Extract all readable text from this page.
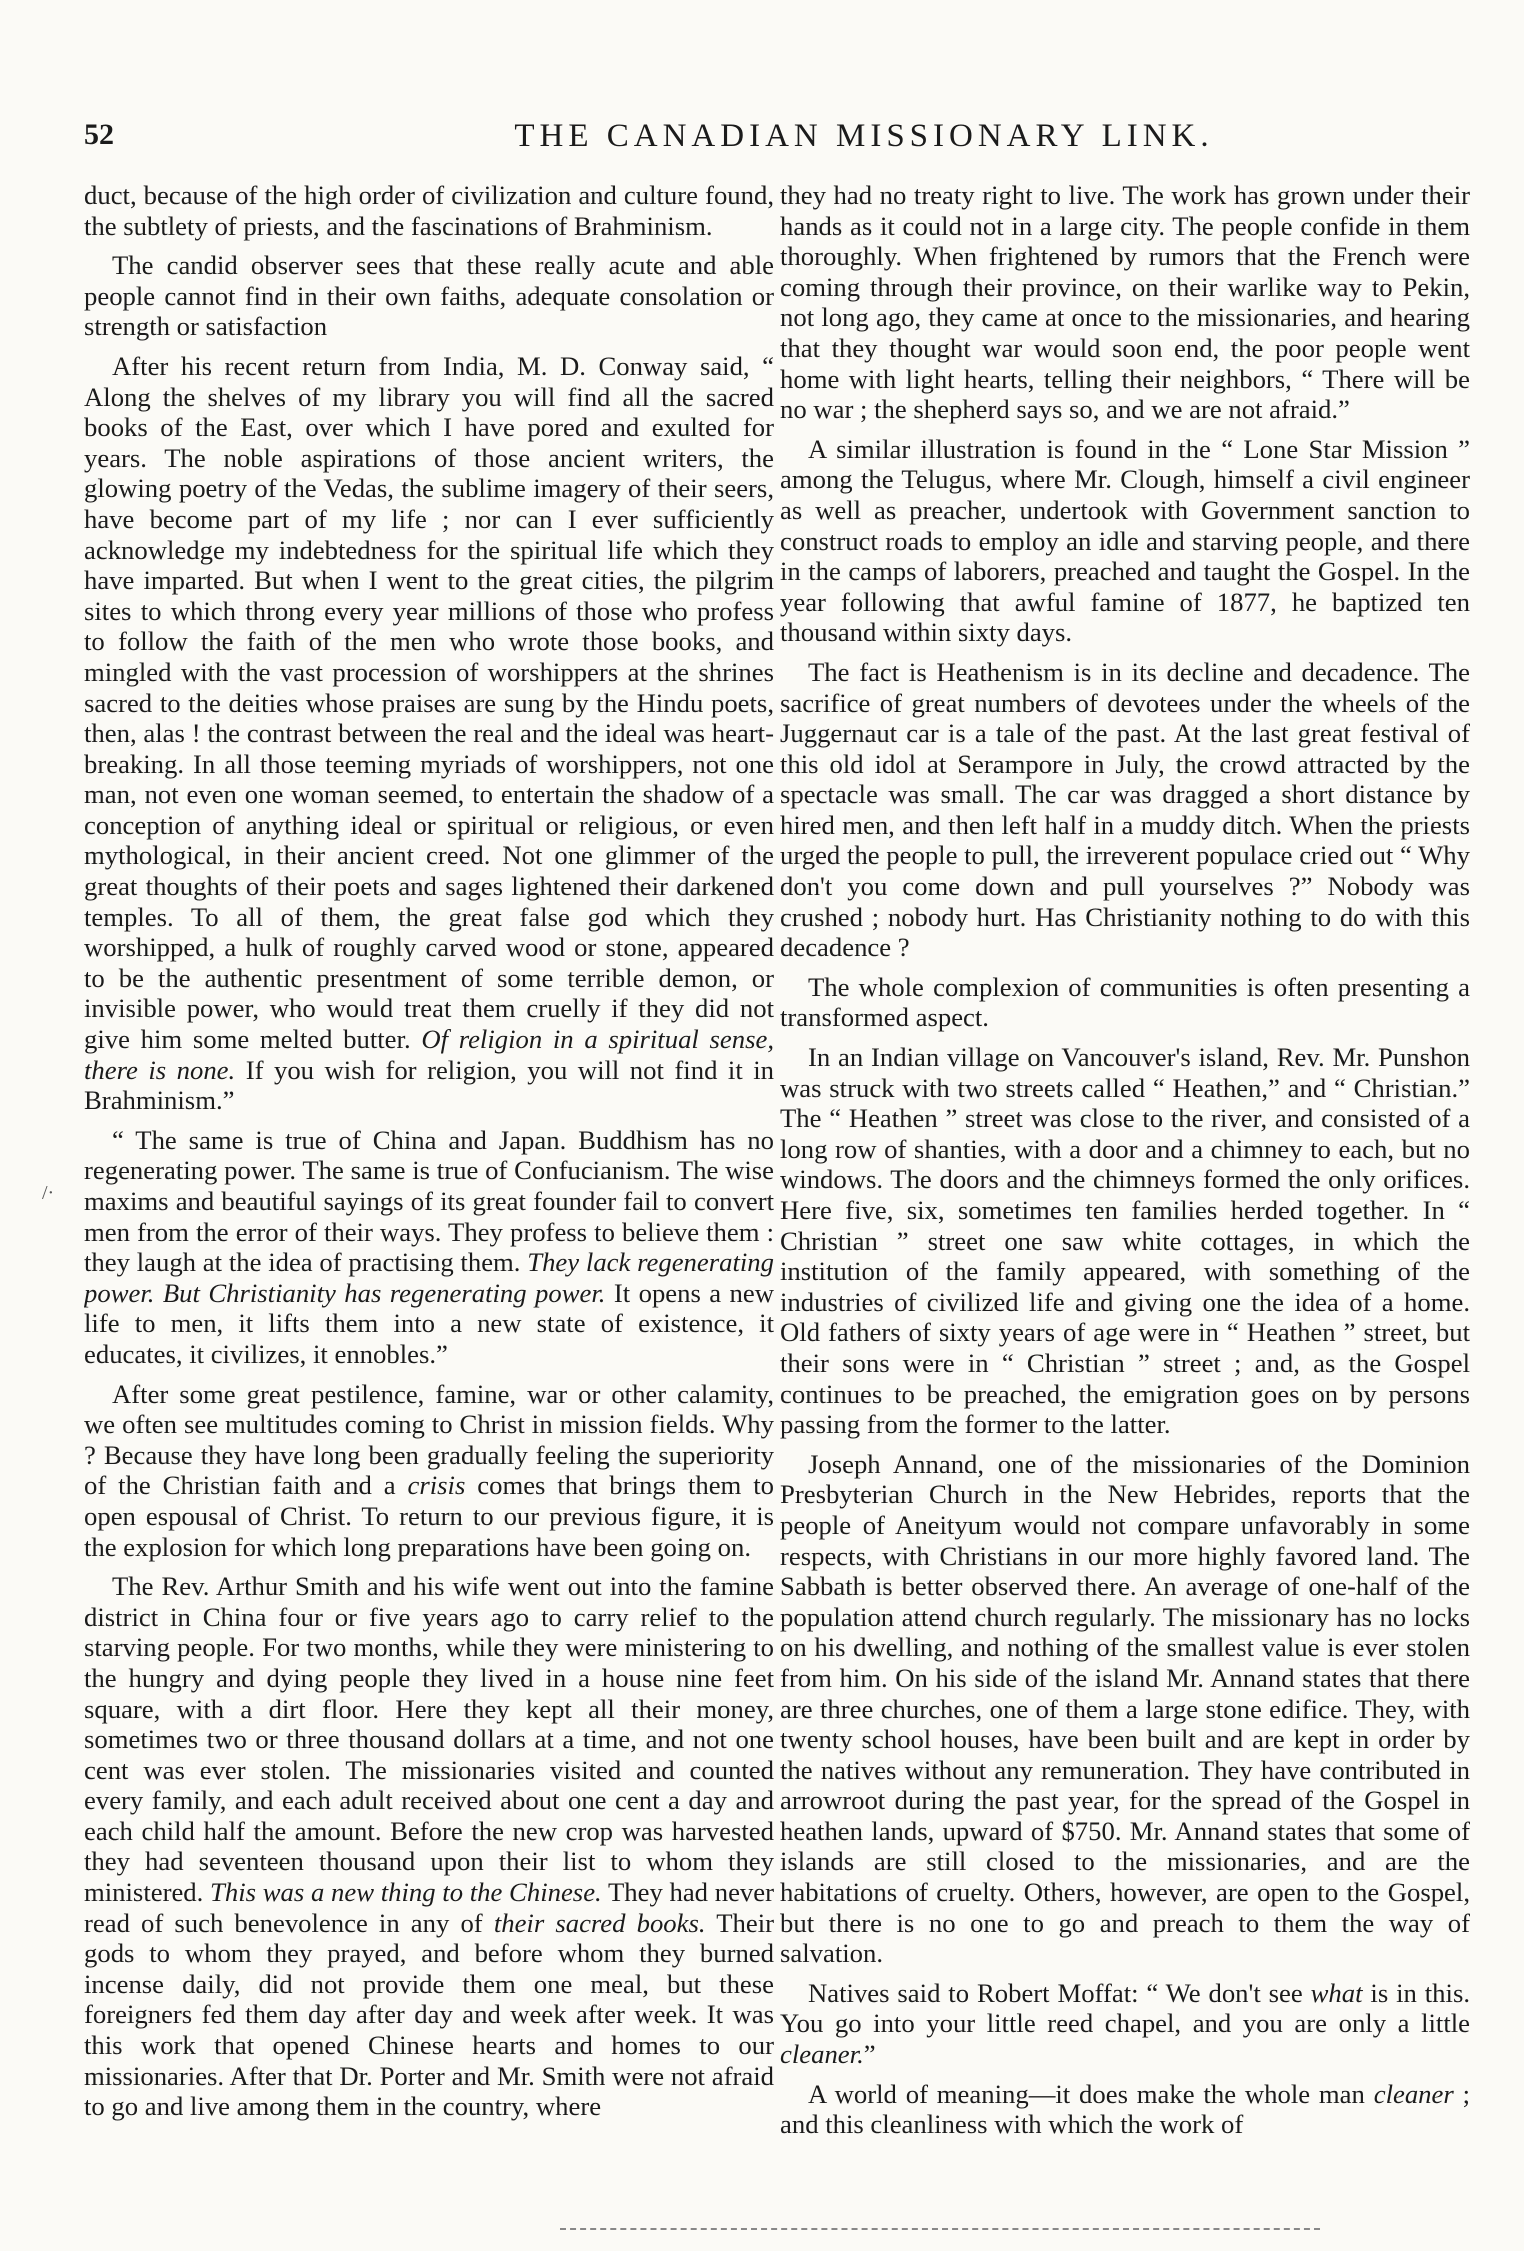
52	THE CANADIAN MISSIONARY LINK.
/·

duct, because of the high order of civilization and culture found, the subtlety of priests, and the fascinations of Brahminism.

The candid observer sees that these really acute and able people cannot find in their own faiths, adequate consolation or strength or satisfaction

After his recent return from India, M. D. Conway said, “ Along the shelves of my library you will find all the sacred books of the East, over which I have pored and exulted for years. The noble aspirations of those ancient writers, the glowing poetry of the Vedas, the sublime imagery of their seers, have become part of my life ; nor can I ever sufficiently acknowledge my indebtedness for the spiritual life which they have imparted. But when I went to the great cities, the pilgrim sites to which throng every year millions of those who profess to follow the faith of the men who wrote those books, and mingled with the vast procession of worshippers at the shrines sacred to the deities whose praises are sung by the Hindu poets, then, alas ! the contrast between the real and the ideal was heart-breaking. In all those teeming myriads of worshippers, not one man, not even one woman seemed, to entertain the shadow of a conception of anything ideal or spiritual or religious, or even mythological, in their ancient creed. Not one glimmer of the great thoughts of their poets and sages lightened their darkened temples. To all of them, the great false god which they worshipped, a hulk of roughly carved wood or stone, appeared to be the authentic presentment of some terrible demon, or invisible power, who would treat them cruelly if they did not give him some melted butter. Of religion in a spiritual sense, there is none. If you wish for religion, you will not find it in Brahminism.”

“ The same is true of China and Japan. Buddhism has no regenerating power. The same is true of Confucianism. The wise maxims and beautiful sayings of its great founder fail to convert men from the error of their ways. They profess to believe them : they laugh at the idea of practising them. They lack regenerating power. But Christianity has regenerating power. It opens a new life to men, it lifts them into a new state of existence, it educates, it civilizes, it ennobles.”

After some great pestilence, famine, war or other calamity, we often see multitudes coming to Christ in mission fields. Why ? Because they have long been gradually feeling the superiority of the Christian faith and a crisis comes that brings them to open espousal of Christ. To return to our previous figure, it is the explosion for which long preparations have been going on.

The Rev. Arthur Smith and his wife went out into the famine district in China four or five years ago to carry relief to the starving people. For two months, while they were ministering to the hungry and dying people they lived in a house nine feet square, with a dirt floor. Here they kept all their money, sometimes two or three thousand dollars at a time, and not one cent was ever stolen. The missionaries visited and counted every family, and each adult received about one cent a day and each child half the amount. Before the new crop was harvested they had seventeen thousand upon their list to whom they ministered. This was a new thing to the Chinese. They had never read of such benevolence in any of their sacred books. Their gods to whom they prayed, and before whom they burned incense daily, did not provide them one meal, but these foreigners fed them day after day and week after week. It was this work that opened Chinese hearts and homes to our missionaries. After that Dr. Porter and Mr. Smith were not afraid to go and live among them in the country, where

they had no treaty right to live. The work has grown under their hands as it could not in a large city. The people confide in them thoroughly. When frightened by rumors that the French were coming through their province, on their warlike way to Pekin, not long ago, they came at once to the missionaries, and hearing that they thought war would soon end, the poor people went home with light hearts, telling their neighbors, “ There will be no war ; the shepherd says so, and we are not afraid.”

A similar illustration is found in the “ Lone Star Mission ” among the Telugus, where Mr. Clough, himself a civil engineer as well as preacher, undertook with Government sanction to construct roads to employ an idle and starving people, and there in the camps of laborers, preached and taught the Gospel. In the year following that awful famine of 1877, he baptized ten thousand within sixty days.

The fact is Heathenism is in its decline and decadence. The sacrifice of great numbers of devotees under the wheels of the Juggernaut car is a tale of the past. At the last great festival of this old idol at Serampore in July, the crowd attracted by the spectacle was small. The car was dragged a short distance by hired men, and then left half in a muddy ditch. When the priests urged the people to pull, the irreverent populace cried out “ Why don't you come down and pull yourselves ?” Nobody was crushed ; nobody hurt. Has Christianity nothing to do with this decadence ?

The whole complexion of communities is often presenting a transformed aspect.

In an Indian village on Vancouver's island, Rev. Mr. Punshon was struck with two streets called “ Heathen,” and “ Christian.” The “ Heathen ” street was close to the river, and consisted of a long row of shanties, with a door and a chimney to each, but no windows. The doors and the chimneys formed the only orifices. Here five, six, sometimes ten families herded together. In “ Christian ” street one saw white cottages, in which the institution of the family appeared, with something of the industries of civilized life and giving one the idea of a home. Old fathers of sixty years of age were in “ Heathen ” street, but their sons were in “ Christian ” street ; and, as the Gospel continues to be preached, the emigration goes on by persons passing from the former to the latter.

Joseph Annand, one of the missionaries of the Dominion Presbyterian Church in the New Hebrides, reports that the people of Aneityum would not compare unfavorably in some respects, with Christians in our more highly favored land. The Sabbath is better observed there. An average of one-half of the population attend church regularly. The missionary has no locks on his dwelling, and nothing of the smallest value is ever stolen from him. On his side of the island Mr. Annand states that there are three churches, one of them a large stone edifice. They, with twenty school houses, have been built and are kept in order by the natives without any remuneration. They have contributed in arrowroot during the past year, for the spread of the Gospel in heathen lands, upward of $750. Mr. Annand states that some of islands are still closed to the missionaries, and are the habitations of cruelty. Others, however, are open to the Gospel, but there is no one to go and preach to them the way of salvation.

Natives said to Robert Moffat: “ We don't see what is in this. You go into your little reed chapel, and you are only a little cleaner.”

A world of meaning—it does make the whole man cleaner ; and this cleanliness with which the work of
